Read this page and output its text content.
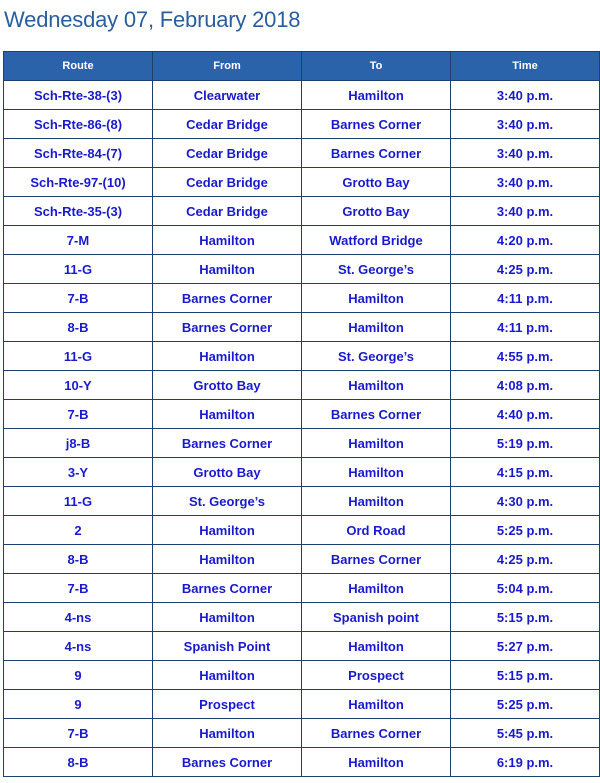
Wednesday 07, February 2018
Route	From	To	Time
Sch-Rte-38-(3)	Clearwater	Hamilton	3:40 p.m.
Sch-Rte-86-(8)	Cedar Bridge	Barnes Corner	3:40 p.m.
Sch-Rte-84-(7)	Cedar Bridge	Barnes Corner	3:40 p.m.
Sch-Rte-97-(10)	Cedar Bridge	Grotto Bay	3:40 p.m.
Sch-Rte-35-(3)	Cedar Bridge	Grotto Bay	3:40 p.m.
7-M	Hamilton	Watford Bridge	4:20 p.m.
11-G	Hamilton	St. George’s	4:25 p.m.
7-B	Barnes Corner	Hamilton	4:11 p.m.
8-B	Barnes Corner	Hamilton	4:11 p.m.
11-G	Hamilton	St. George’s	4:55 p.m.
10-Y	Grotto Bay	Hamilton	4:08 p.m.
7-B	Hamilton	Barnes Corner	4:40 p.m.
j8-B	Barnes Corner	Hamilton	5:19 p.m.
3-Y	Grotto Bay	Hamilton	4:15 p.m.
11-G	St. George’s	Hamilton	4:30 p.m.
2	Hamilton	Ord Road	5:25 p.m.
8-B	Hamilton	Barnes Corner	4:25 p.m.
7-B	Barnes Corner	Hamilton	5:04 p.m.
4-ns	Hamilton	Spanish point	5:15 p.m.
4-ns	Spanish Point	Hamilton	5:27 p.m.
9	Hamilton	Prospect	5:15 p.m.
9	Prospect	Hamilton	5:25 p.m.
7-B	Hamilton	Barnes Corner	5:45 p.m.
8-B	Barnes Corner	Hamilton	6:19 p.m.
